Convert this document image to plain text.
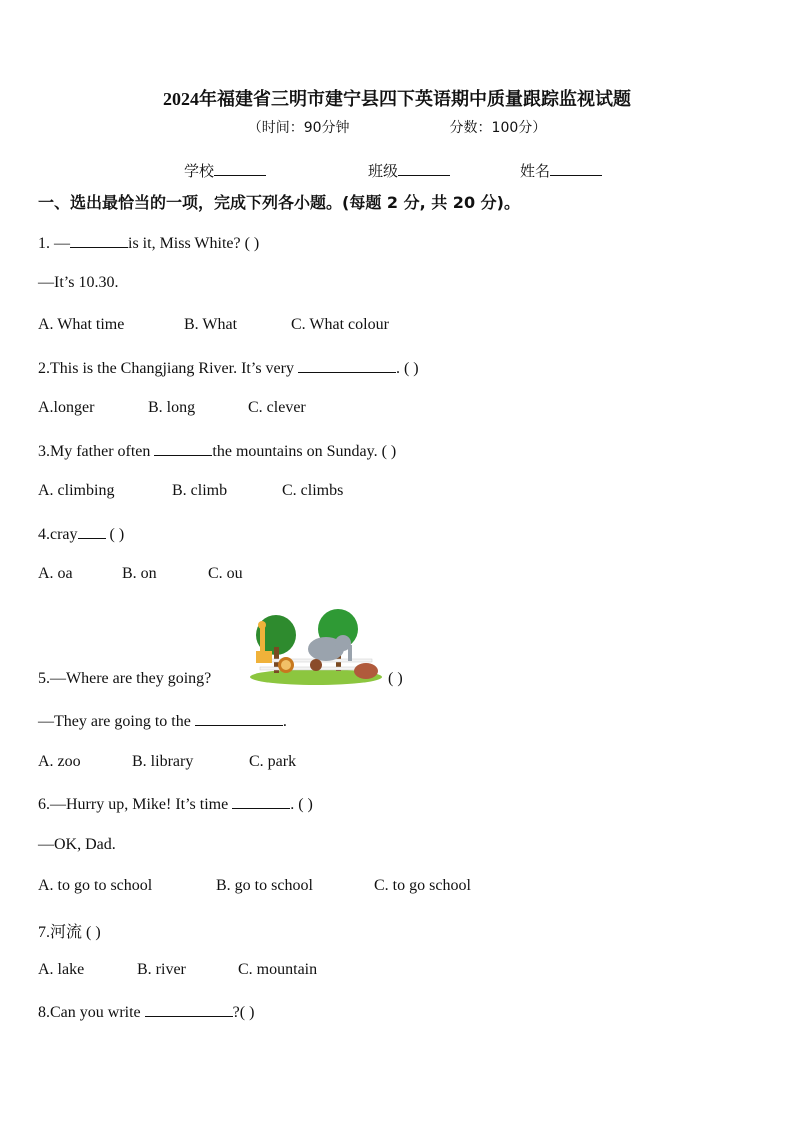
2024年福建省三明市建宁县四下英语期中质量跟踪监视试题
（时间：90分钟	分数：100分）
学校	班级	姓名
一、选出最恰当的一项，完成下列各小题。(每题 2 分, 共 20 分)。
1. —	is it, Miss White? ( )
—It’s 10.30.
A. What time	B. What	C. What colour
2.This is the Changjiang River. It’s very	. ( )
A.longer	B. long	C. clever
3.My father often	the mountains on Sunday. ( )
A. climbing	B. climb	C. climbs
4.cray ( )
A. oa	B. on	C. ou
5.—Where are they going?	( )
—They are going to the	.
A. zoo	B. library	C. park
6.—Hurry up, Mike! It’s time	. ( )
—OK, Dad.
A. to go to school	B. go to school	C. to go school
7.河流 ( )
A. lake	B. river	C. mountain
8.Can you write	?( )
